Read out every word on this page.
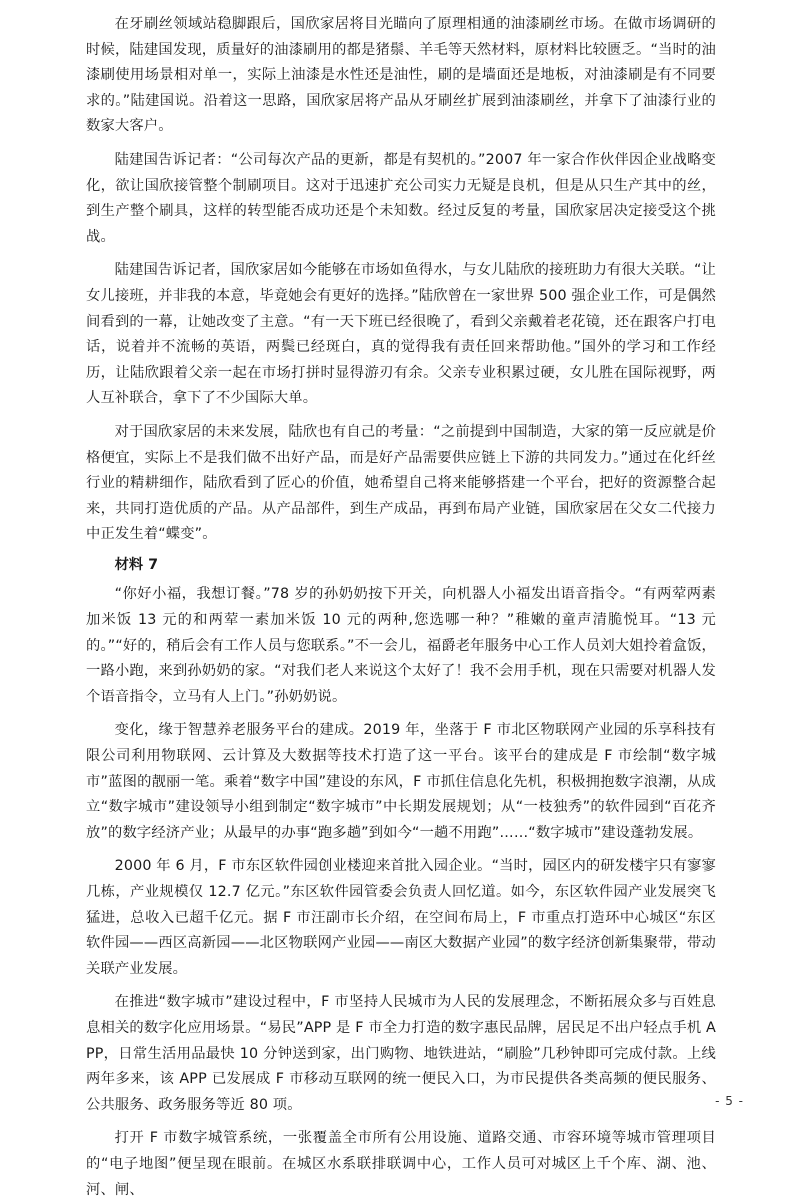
在牙刷丝领域站稳脚跟后，国欣家居将目光瞄向了原理相通的油漆刷丝市场。在做市场调研的时候，陆建国发现，质量好的油漆刷用的都是猪鬃、羊毛等天然材料，原材料比较匮乏。“当时的油漆刷使用场景相对单一，实际上油漆是水性还是油性，刷的是墙面还是地板，对油漆刷是有不同要求的。”陆建国说。沿着这一思路，国欣家居将产品从牙刷丝扩展到油漆刷丝，并拿下了油漆行业的数家大客户。

陆建国告诉记者：“公司每次产品的更新，都是有契机的。”2007 年一家合作伙伴因企业战略变化，欲让国欣接管整个制刷项目。这对于迅速扩充公司实力无疑是良机，但是从只生产其中的丝，到生产整个刷具，这样的转型能否成功还是个未知数。经过反复的考量，国欣家居决定接受这个挑战。

陆建国告诉记者，国欣家居如今能够在市场如鱼得水，与女儿陆欣的接班助力有很大关联。“让女儿接班，并非我的本意，毕竟她会有更好的选择。”陆欣曾在一家世界 500 强企业工作，可是偶然间看到的一幕，让她改变了主意。“有一天下班已经很晚了，看到父亲戴着老花镜，还在跟客户打电话，说着并不流畅的英语，两鬓已经斑白，真的觉得我有责任回来帮助他。”国外的学习和工作经历，让陆欣跟着父亲一起在市场打拼时显得游刃有余。父亲专业积累过硬，女儿胜在国际视野，两人互补联合，拿下了不少国际大单。

对于国欣家居的未来发展，陆欣也有自己的考量：“之前提到中国制造，大家的第一反应就是价格便宜，实际上不是我们做不出好产品，而是好产品需要供应链上下游的共同发力。”通过在化纤丝行业的精耕细作，陆欣看到了匠心的价值，她希望自己将来能够搭建一个平台，把好的资源整合起来，共同打造优质的产品。从产品部件，到生产成品，再到布局产业链，国欣家居在父女二代接力中正发生着“蝶变”。

材料 7

“你好小福，我想订餐。”78 岁的孙奶奶按下开关，向机器人小福发出语音指令。“有两荤两素加米饭 13 元的和两荤一素加米饭 10 元的两种,您选哪一种？”稚嫩的童声清脆悦耳。“13 元的。”“好的，稍后会有工作人员与您联系。”不一会儿，福爵老年服务中心工作人员刘大姐拎着盒饭，一路小跑，来到孙奶奶的家。“对我们老人来说这个太好了！我不会用手机，现在只需要对机器人发个语音指令，立马有人上门。”孙奶奶说。

变化，缘于智慧养老服务平台的建成。2019 年，坐落于 F 市北区物联网产业园的乐享科技有限公司利用物联网、云计算及大数据等技术打造了这一平台。该平台的建成是 F 市绘制“数字城市”蓝图的靓丽一笔。乘着“数字中国”建设的东风，F 市抓住信息化先机，积极拥抱数字浪潮，从成立“数字城市”建设领导小组到制定“数字城市”中长期发展规划；从“一枝独秀”的软件园到“百花齐放”的数字经济产业；从最早的办事“跑多趟”到如今“一趟不用跑”……“数字城市”建设蓬勃发展。

2000 年 6 月，F 市东区软件园创业楼迎来首批入园企业。“当时，园区内的研发楼宇只有寥寥几栋，产业规模仅 12.7 亿元。”东区软件园管委会负责人回忆道。如今，东区软件园产业发展突飞猛进，总收入已超千亿元。据 F 市汪副市长介绍，在空间布局上，F 市重点打造环中心城区“东区软件园——西区高新园——北区物联网产业园——南区大数据产业园”的数字经济创新集聚带，带动关联产业发展。

在推进“数字城市”建设过程中，F 市坚持人民城市为人民的发展理念，不断拓展众多与百姓息息相关的数字化应用场景。“易民”APP 是 F 市全力打造的数字惠民品牌，居民足不出户轻点手机 APP，日常生活用品最快 10 分钟送到家，出门购物、地铁进站，“刷脸”几秒钟即可完成付款。上线两年多来，该 APP 已发展成 F 市移动互联网的统一便民入口，为市民提供各类高频的便民服务、公共服务、政务服务等近 80 项。

打开 F 市数字城管系统，一张覆盖全市所有公用设施、道路交通、市容环境等城市管理项目的“电子地图”便呈现在眼前。在城区水系联排联调中心，工作人员可对城区上千个库、湖、池、河、闸、

- 5 -
